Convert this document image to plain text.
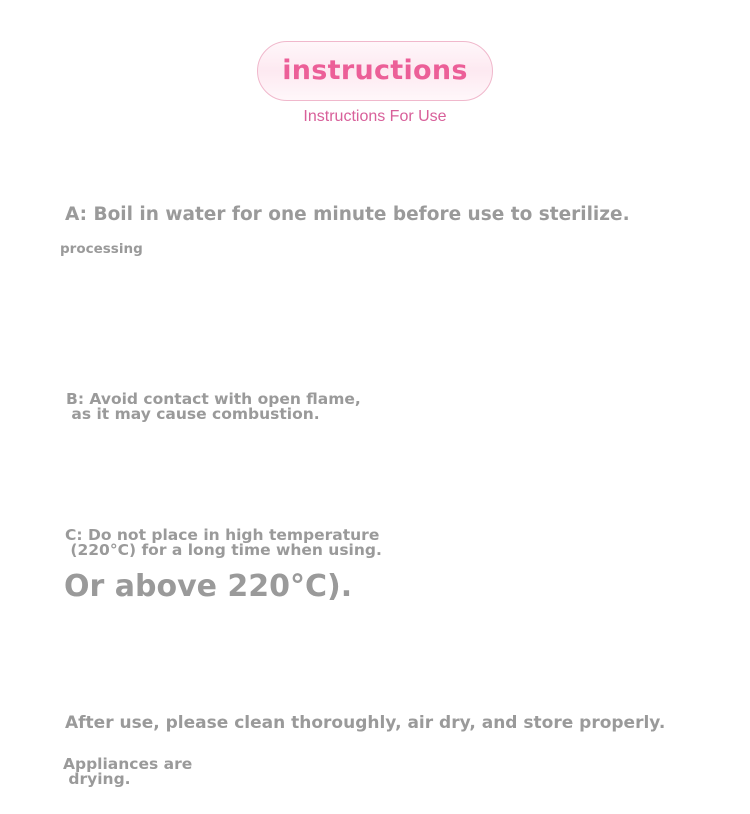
instructions
Instructions For Use

A: Boil in water for one minute before use to sterilize.

processing

B: Avoid contact with open flame,

as it may cause combustion.

C: Do not place in high temperature

(220°C) for a long time when using.

Or above 220°C).

After use, please clean thoroughly, air dry, and store properly.

Appliances are

drying.
